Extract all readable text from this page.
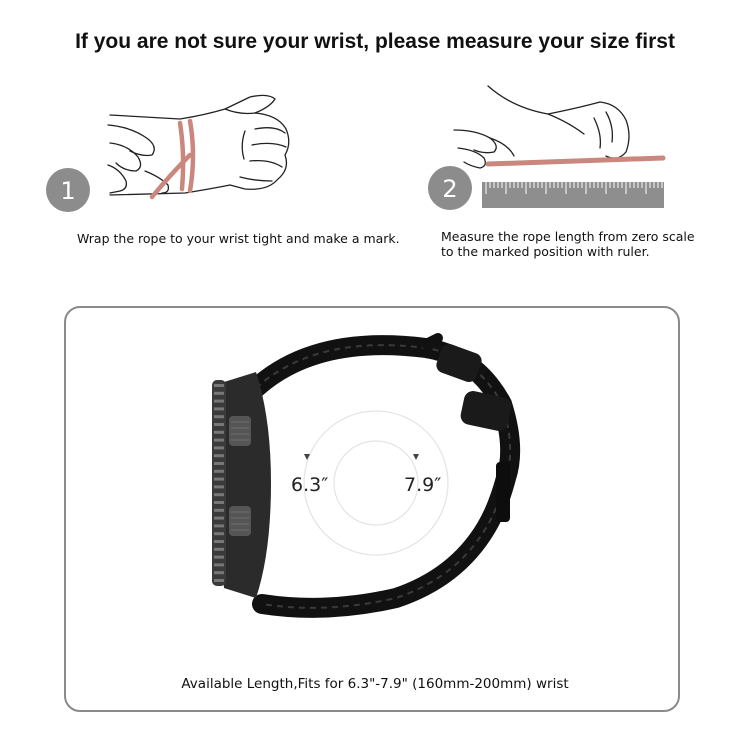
If you are not sure your wrist, please measure your size first
1
Wrap the rope to your wrist tight and make a mark.
2
Measure the rope length from zero scale
to the marked position with ruler.
6.3″	7.9″
Available Length,Fits for 6.3"-7.9" (160mm-200mm) wrist
